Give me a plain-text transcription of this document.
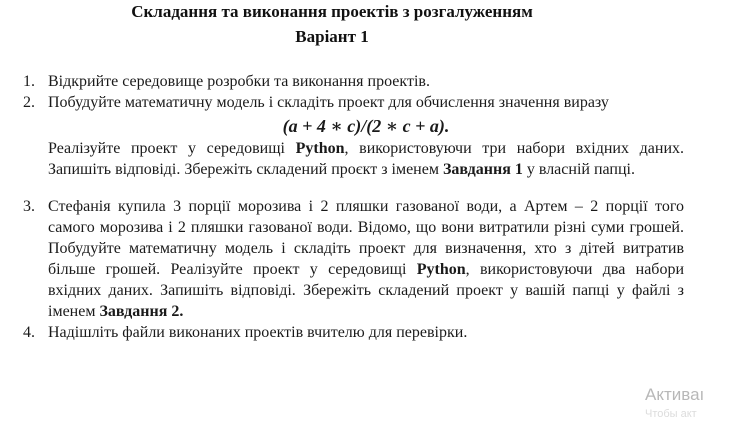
Складання та виконання проектів з розгалуженням
Варіант 1
1. Відкрийте середовище розробки та виконання проектів.
2. Побудуйте математичну модель і складіть проект для обчислення значення виразу
(a + 4 ∗ c)/(2 ∗ c + a).
Реалізуйте проект у середовищі Python, використовуючи три набори вхідних даних. Запишіть відповіді. Збережіть складений проєкт з іменем Завдання 1 у власній папці.
3. Стефанія купила 3 порції морозива і 2 пляшки газованої води, а Артем – 2 порції того самого морозива і 2 пляшки газованої води. Відомо, що вони витратили різні суми грошей. Побудуйте математичну модель і складіть проект для визначення, хто з дітей витратив більше грошей. Реалізуйте проект у середовищі Python, використовуючи два набори вхідних даних. Запишіть відповіді. Збережіть складений проект у вашій папці у файлі з іменем Завдання 2.
4. Надішліть файли виконаних проектів вчителю для перевірки.
Активаı
Чтобы акт
